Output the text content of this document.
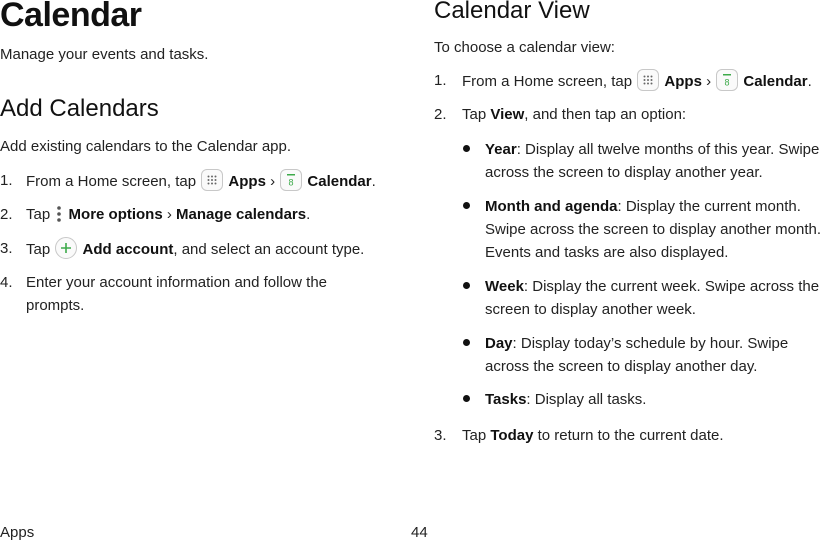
Calendar
Manage your events and tasks.
Add Calendars
Add existing calendars to the Calendar app.
1. From a Home screen, tap Apps › 8 Calendar.
2. Tap More options › Manage calendars.
3. Tap Add account, and select an account type.
4. Enter your account information and follow the prompts.
Calendar View
To choose a calendar view:
1.	From a Home screen, tap Apps › 8 Calendar.
2.	Tap View, and then tap an option:
Year: Display all twelve months of this year. Swipe across the screen to display another year.
Month and agenda: Display the current month. Swipe across the screen to display another month. Events and tasks are also displayed.
Week: Display the current week. Swipe across the screen to display another week.
Day: Display today’s schedule by hour. Swipe across the screen to display another day.
Tasks: Display all tasks.
3.	Tap Today to return to the current date.
Apps	44
